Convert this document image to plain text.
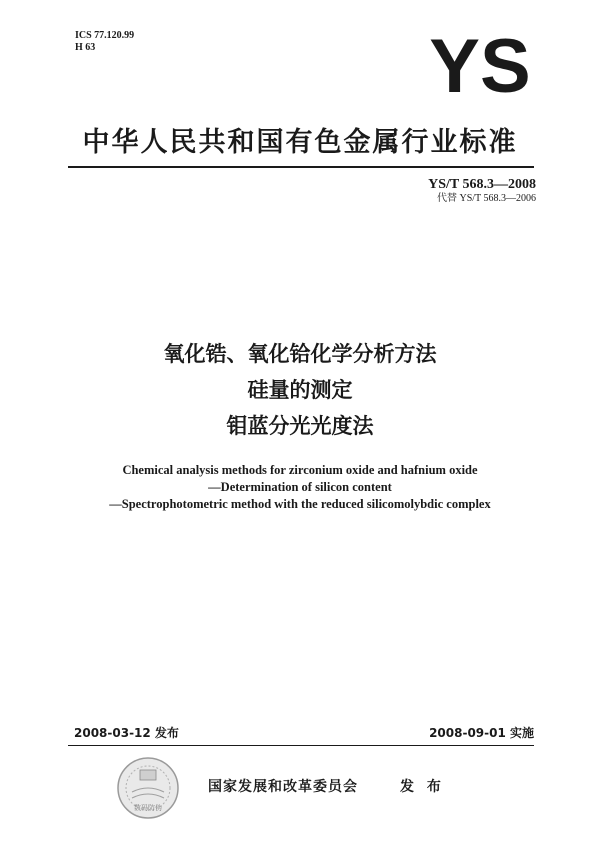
ICS 77.120.99
H 63	YS
中华人民共和国有色金属行业标准
YS/T 568.3—2008
代替 YS/T 568.3—2006
氧化锆、氧化铪化学分析方法
硅量的测定
钼蓝分光光度法
Chemical analysis methods for zirconium oxide and hafnium oxide
—Determination of silicon content
—Spectrophotometric method with the reduced silicomolybdic complex
2008-03-12 发布	2008-09-01 实施
数码防伪
国家发展和改革委员会	发 布
